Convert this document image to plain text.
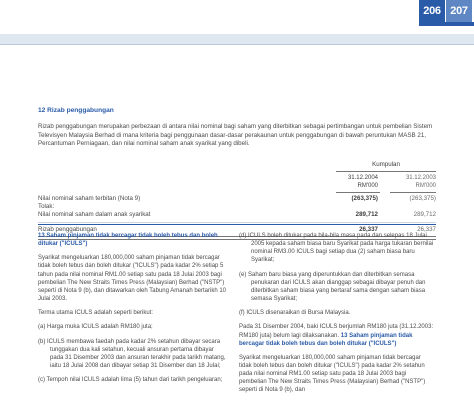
206 207
12 Rizab penggabungan

Rizab penggabungan merupakan perbezaan di antara nilai nominal bagi saham yang diterbitkan sebagai pertimbangan untuk pembelian Sistem Televisyen Malaysia Berhad di mana kriteria bagi penggunaan dasar-dasar perakaunan untuk penggabungan di bawah peruntukan MASB 21, Percantuman Perniagaan, dan nilai nominal saham anak syarikat yang dibeli.

Kumpulan
31.12.2004
RM'000
31.12.2003
RM'000
Nilai nominal saham terbitan (Nota 9)	(263,375)	(263,375)
Tolak:
Nilai nominal saham dalam anak syarikat	289,712	289,712
Rizab penggabungan	26,337	26,337

13 Saham pinjaman tidak bercagar tidak boleh tebus dan boleh ditukar ("ICULS")

Syarikat mengeluarkan 180,000,000 saham pinjaman tidak bercagar tidak boleh tebus dan boleh ditukar ("ICULS") pada kadar 2% setiap 5 tahun pada nilai nominal RM1.00 setiap satu pada 18 Julai 2003 bagi pembelian The New Straits Times Press (Malaysian) Berhad ("NSTP") seperti di Nota 9 (b), dan ditawarkan oleh Tabung Amanah bertarikh 10 Julai 2003.

Terma utama ICULS adalah seperti berikut:

(a) Harga mukа ICULS adalah RM180 juta;

(b) ICULS membawa faedah pada kadar 2% setahun dibayar secara tunggakan dua kali setahun, kecuali ansuran pertama dibayar pada 31 Disember 2003 dan ansuran terakhir pada tarikh matang, iaitu 18 Julai 2008 dan dibayar setiap 31 Disember dan 18 Julai;

(c) Tempoh nilai ICULS adalah lima (5) tahun dari tarikh pengeluaran;

(d) ICULS boleh ditukar pada bila-bila masa pada dan selepas 18 Julai 2005 kepada saham biasa baru Syarikat pada harga tukaran bernilai nominal RM3.00 ICULS bagi setiap dua (2) saham biasa baru Syarikat;

(e) Saham baru biasa yang diperuntukkan dan diterbitkan semasa penukaran dari ICULS akan dianggap sebagai dibayar penuh dan diterbitkan saham biasa yang bertaraf sama dengan saham biasa semasa Syarikat;

(f) ICULS disenaraikan di Bursa Malaysia.

Pada 31 Disember 2004, baki ICULS berjumlah RM180 juta (31.12.2003: RM180 juta) belum lagi dilaksanakan. 13 Saham pinjaman tidak bercagar tidak boleh tebus dan boleh ditukar ("ICULS")

Syarikat mengeluarkan 180,000,000 saham pinjaman tidak bercagar tidak boleh tebus dan boleh ditukar ("ICULS") pada kadar 2% setahun pada nilai nominal RM1.00 setiap satu pada 18 Julai 2003 bagi pembelian The New Straits Times Press (Malaysian) Berhad ("NSTP") seperti di Nota 9 (b), dan
